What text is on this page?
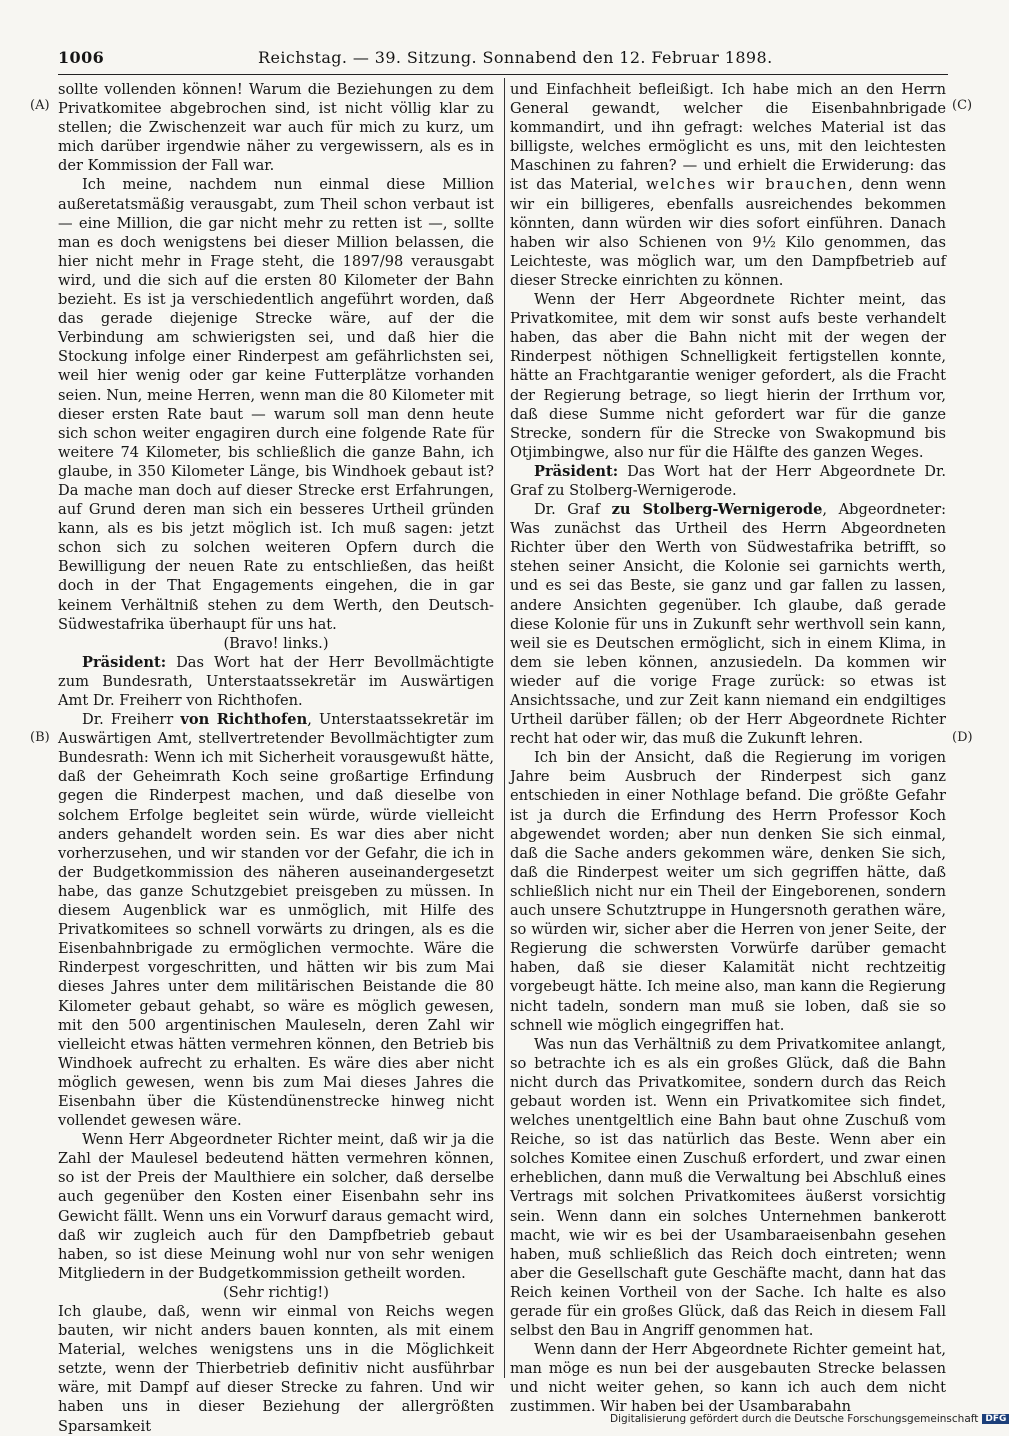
1006	Reichstag. — 39. Sitzung. Sonnabend den 12. Februar 1898.
(A)
(B)
(C)
(D)

sollte vollenden können! Warum die Beziehungen zu dem Privatkomitee abgebrochen sind, ist nicht völlig klar zu stellen; die Zwischenzeit war auch für mich zu kurz, um mich darüber irgendwie näher zu vergewissern, als es in der Kommission der Fall war.

Ich meine, nachdem nun einmal diese Million außeretatsmäßig verausgabt, zum Theil schon verbaut ist — eine Million, die gar nicht mehr zu retten ist —, sollte man es doch wenigstens bei dieser Million belassen, die hier nicht mehr in Frage steht, die 1897/98 verausgabt wird, und die sich auf die ersten 80 Kilometer der Bahn bezieht. Es ist ja verschiedentlich angeführt worden, daß das gerade diejenige Strecke wäre, auf der die Verbindung am schwierigsten sei, und daß hier die Stockung infolge einer Rinderpest am gefährlichsten sei, weil hier wenig oder gar keine Futterplätze vorhanden seien. Nun, meine Herren, wenn man die 80 Kilometer mit dieser ersten Rate baut — warum soll man denn heute sich schon weiter engagiren durch eine folgende Rate für weitere 74 Kilometer, bis schließlich die ganze Bahn, ich glaube, in 350 Kilometer Länge, bis Windhoek gebaut ist? Da mache man doch auf dieser Strecke erst Erfahrungen, auf Grund deren man sich ein besseres Urtheil gründen kann, als es bis jetzt möglich ist. Ich muß sagen: jetzt schon sich zu solchen weiteren Opfern durch die Bewilligung der neuen Rate zu entschließen, das heißt doch in der That Engagements eingehen, die in gar keinem Verhältniß stehen zu dem Werth, den Deutsch-Südwestafrika überhaupt für uns hat.

(Bravo! links.)

Präsident: Das Wort hat der Herr Bevollmächtigte zum Bundesrath, Unterstaatssekretär im Auswärtigen Amt Dr. Freiherr von Richthofen.

Dr. Freiherr von Richthofen, Unterstaatssekretär im Auswärtigen Amt, stellvertretender Bevollmächtigter zum Bundesrath: Wenn ich mit Sicherheit vorausgewußt hätte, daß der Geheimrath Koch seine großartige Erfindung gegen die Rinderpest machen, und daß dieselbe von solchem Erfolge begleitet sein würde, würde vielleicht anders gehandelt worden sein. Es war dies aber nicht vorherzusehen, und wir standen vor der Gefahr, die ich in der Budgetkommission des näheren auseinandergesetzt habe, das ganze Schutzgebiet preisgeben zu müssen. In diesem Augenblick war es unmöglich, mit Hilfe des Privatkomitees so schnell vorwärts zu dringen, als es die Eisenbahnbrigade zu ermöglichen vermochte. Wäre die Rinderpest vorgeschritten, und hätten wir bis zum Mai dieses Jahres unter dem militärischen Beistande die 80 Kilometer gebaut gehabt, so wäre es möglich gewesen, mit den 500 argentinischen Mauleseln, deren Zahl wir vielleicht etwas hätten vermehren können, den Betrieb bis Windhoek aufrecht zu erhalten. Es wäre dies aber nicht möglich gewesen, wenn bis zum Mai dieses Jahres die Eisenbahn über die Küstendünenstrecke hinweg nicht vollendet gewesen wäre.

Wenn Herr Abgeordneter Richter meint, daß wir ja die Zahl der Maulesel bedeutend hätten vermehren können, so ist der Preis der Maulthiere ein solcher, daß derselbe auch gegenüber den Kosten einer Eisenbahn sehr ins Gewicht fällt. Wenn uns ein Vorwurf daraus gemacht wird, daß wir zugleich auch für den Dampfbetrieb gebaut haben, so ist diese Meinung wohl nur von sehr wenigen Mitgliedern in der Budgetkommission getheilt worden.

(Sehr richtig!)

Ich glaube, daß, wenn wir einmal von Reichs wegen bauten, wir nicht anders bauen konnten, als mit einem Material, welches wenigstens uns in die Möglichkeit setzte, wenn der Thierbetrieb definitiv nicht ausführbar wäre, mit Dampf auf dieser Strecke zu fahren. Und wir haben uns in dieser Beziehung der allergrößten Sparsamkeit

und Einfachheit befleißigt. Ich habe mich an den Herrn General gewandt, welcher die Eisenbahnbrigade kommandirt, und ihn gefragt: welches Material ist das billigste, welches ermöglicht es uns, mit den leichtesten Maschinen zu fahren? — und erhielt die Erwiderung: das ist das Material, welches wir brauchen, denn wenn wir ein billigeres, ebenfalls ausreichendes bekommen könnten, dann würden wir dies sofort einführen. Danach haben wir also Schienen von 9½ Kilo genommen, das Leichteste, was möglich war, um den Dampfbetrieb auf dieser Strecke einrichten zu können.

Wenn der Herr Abgeordnete Richter meint, das Privatkomitee, mit dem wir sonst aufs beste verhandelt haben, das aber die Bahn nicht mit der wegen der Rinderpest nöthigen Schnelligkeit fertigstellen konnte, hätte an Frachtgarantie weniger gefordert, als die Fracht der Regierung betrage, so liegt hierin der Irrthum vor, daß diese Summe nicht gefordert war für die ganze Strecke, sondern für die Strecke von Swakopmund bis Otjimbingwe, also nur für die Hälfte des ganzen Weges.

Präsident: Das Wort hat der Herr Abgeordnete Dr. Graf zu Stolberg-Wernigerode.

Dr. Graf zu Stolberg-Wernigerode, Abgeordneter: Was zunächst das Urtheil des Herrn Abgeordneten Richter über den Werth von Südwestafrika betrifft, so stehen seiner Ansicht, die Kolonie sei garnichts werth, und es sei das Beste, sie ganz und gar fallen zu lassen, andere Ansichten gegenüber. Ich glaube, daß gerade diese Kolonie für uns in Zukunft sehr werthvoll sein kann, weil sie es Deutschen ermöglicht, sich in einem Klima, in dem sie leben können, anzusiedeln. Da kommen wir wieder auf die vorige Frage zurück: so etwas ist Ansichtssache, und zur Zeit kann niemand ein endgiltiges Urtheil darüber fällen; ob der Herr Abgeordnete Richter recht hat oder wir, das muß die Zukunft lehren.

Ich bin der Ansicht, daß die Regierung im vorigen Jahre beim Ausbruch der Rinderpest sich ganz entschieden in einer Nothlage befand. Die größte Gefahr ist ja durch die Erfindung des Herrn Professor Koch abgewendet worden; aber nun denken Sie sich einmal, daß die Sache anders gekommen wäre, denken Sie sich, daß die Rinderpest weiter um sich gegriffen hätte, daß schließlich nicht nur ein Theil der Eingeborenen, sondern auch unsere Schutztruppe in Hungersnoth gerathen wäre, so würden wir, sicher aber die Herren von jener Seite, der Regierung die schwersten Vorwürfe darüber gemacht haben, daß sie dieser Kalamität nicht rechtzeitig vorgebeugt hätte. Ich meine also, man kann die Regierung nicht tadeln, sondern man muß sie loben, daß sie so schnell wie möglich eingegriffen hat.

Was nun das Verhältniß zu dem Privatkomitee anlangt, so betrachte ich es als ein großes Glück, daß die Bahn nicht durch das Privatkomitee, sondern durch das Reich gebaut worden ist. Wenn ein Privatkomitee sich findet, welches unentgeltlich eine Bahn baut ohne Zuschuß vom Reiche, so ist das natürlich das Beste. Wenn aber ein solches Komitee einen Zuschuß erfordert, und zwar einen erheblichen, dann muß die Verwaltung bei Abschluß eines Vertrags mit solchen Privatkomitees äußerst vorsichtig sein. Wenn dann ein solches Unternehmen bankerott macht, wie wir es bei der Usambaraeisenbahn gesehen haben, muß schließlich das Reich doch eintreten; wenn aber die Gesellschaft gute Geschäfte macht, dann hat das Reich keinen Vortheil von der Sache. Ich halte es also gerade für ein großes Glück, daß das Reich in diesem Fall selbst den Bau in Angriff genommen hat.

Wenn dann der Herr Abgeordnete Richter gemeint hat, man möge es nun bei der ausgebauten Strecke belassen und nicht weiter gehen, so kann ich auch dem nicht zustimmen. Wir haben bei der Usambarabahn

Digitalisierung gefördert durch die Deutsche Forschungsgemeinschaft DFG
